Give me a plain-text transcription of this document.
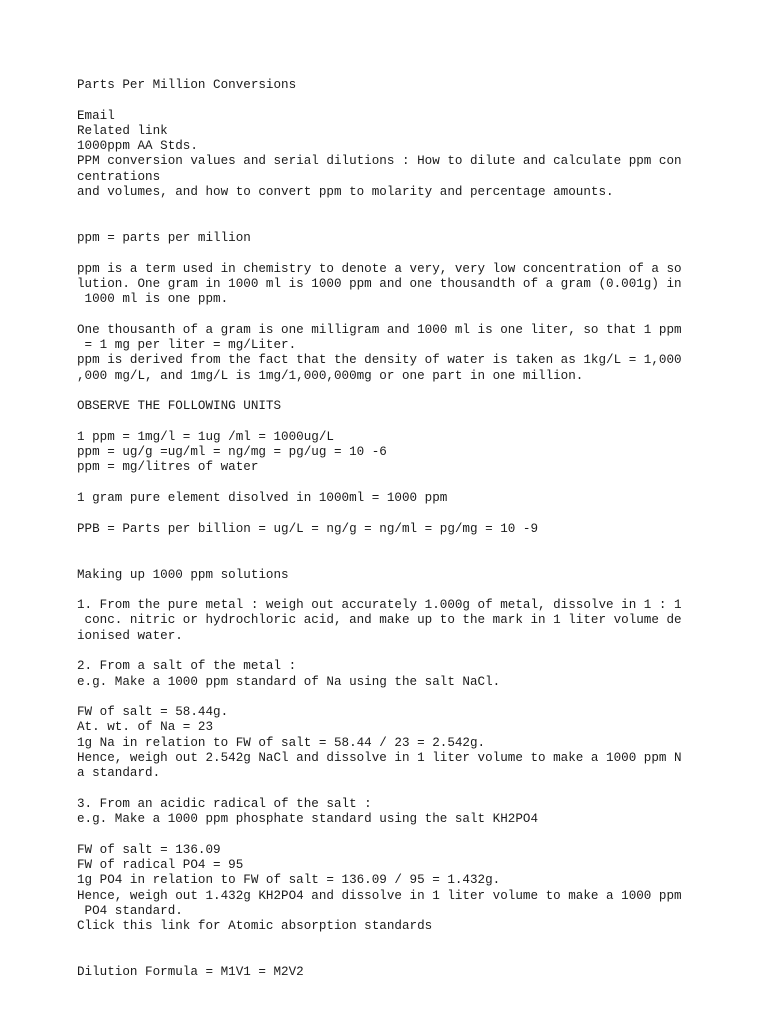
Parts Per Million Conversions
Email
Related link
1000ppm AA Stds.
PPM conversion values and serial dilutions : How to dilute and calculate ppm con
centrations
and volumes, and how to convert ppm to molarity and percentage amounts.
ppm = parts per million
ppm is a term used in chemistry to denote a very, very low concentration of a so
lution. One gram in 1000 ml is 1000 ppm and one thousandth of a gram (0.001g) in
1000 ml is one ppm.
One thousanth of a gram is one milligram and 1000 ml is one liter, so that 1 ppm
= 1 mg per liter = mg/Liter.
ppm is derived from the fact that the density of water is taken as 1kg/L = 1,000
,000 mg/L, and 1mg/L is 1mg/1,000,000mg or one part in one million.
OBSERVE THE FOLLOWING UNITS
1 ppm = 1mg/l = 1ug /ml = 1000ug/L
ppm = ug/g =ug/ml = ng/mg = pg/ug = 10 -6
ppm = mg/litres of water
1 gram pure element disolved in 1000ml = 1000 ppm
PPB = Parts per billion = ug/L = ng/g = ng/ml = pg/mg = 10 -9
Making up 1000 ppm solutions
1. From the pure metal : weigh out accurately 1.000g of metal, dissolve in 1 : 1
conc. nitric or hydrochloric acid, and make up to the mark in 1 liter volume de
ionised water.
2. From a salt of the metal :
e.g. Make a 1000 ppm standard of Na using the salt NaCl.
FW of salt = 58.44g.
At. wt. of Na = 23
1g Na in relation to FW of salt = 58.44 / 23 = 2.542g.
Hence, weigh out 2.542g NaCl and dissolve in 1 liter volume to make a 1000 ppm N
a standard.
3. From an acidic radical of the salt :
e.g. Make a 1000 ppm phosphate standard using the salt KH2PO4
FW of salt = 136.09
FW of radical PO4 = 95
1g PO4 in relation to FW of salt = 136.09 / 95 = 1.432g.
Hence, weigh out 1.432g KH2PO4 and dissolve in 1 liter volume to make a 1000 ppm
PO4 standard.
Click this link for Atomic absorption standards
Dilution Formula = M1V1 = M2V2
